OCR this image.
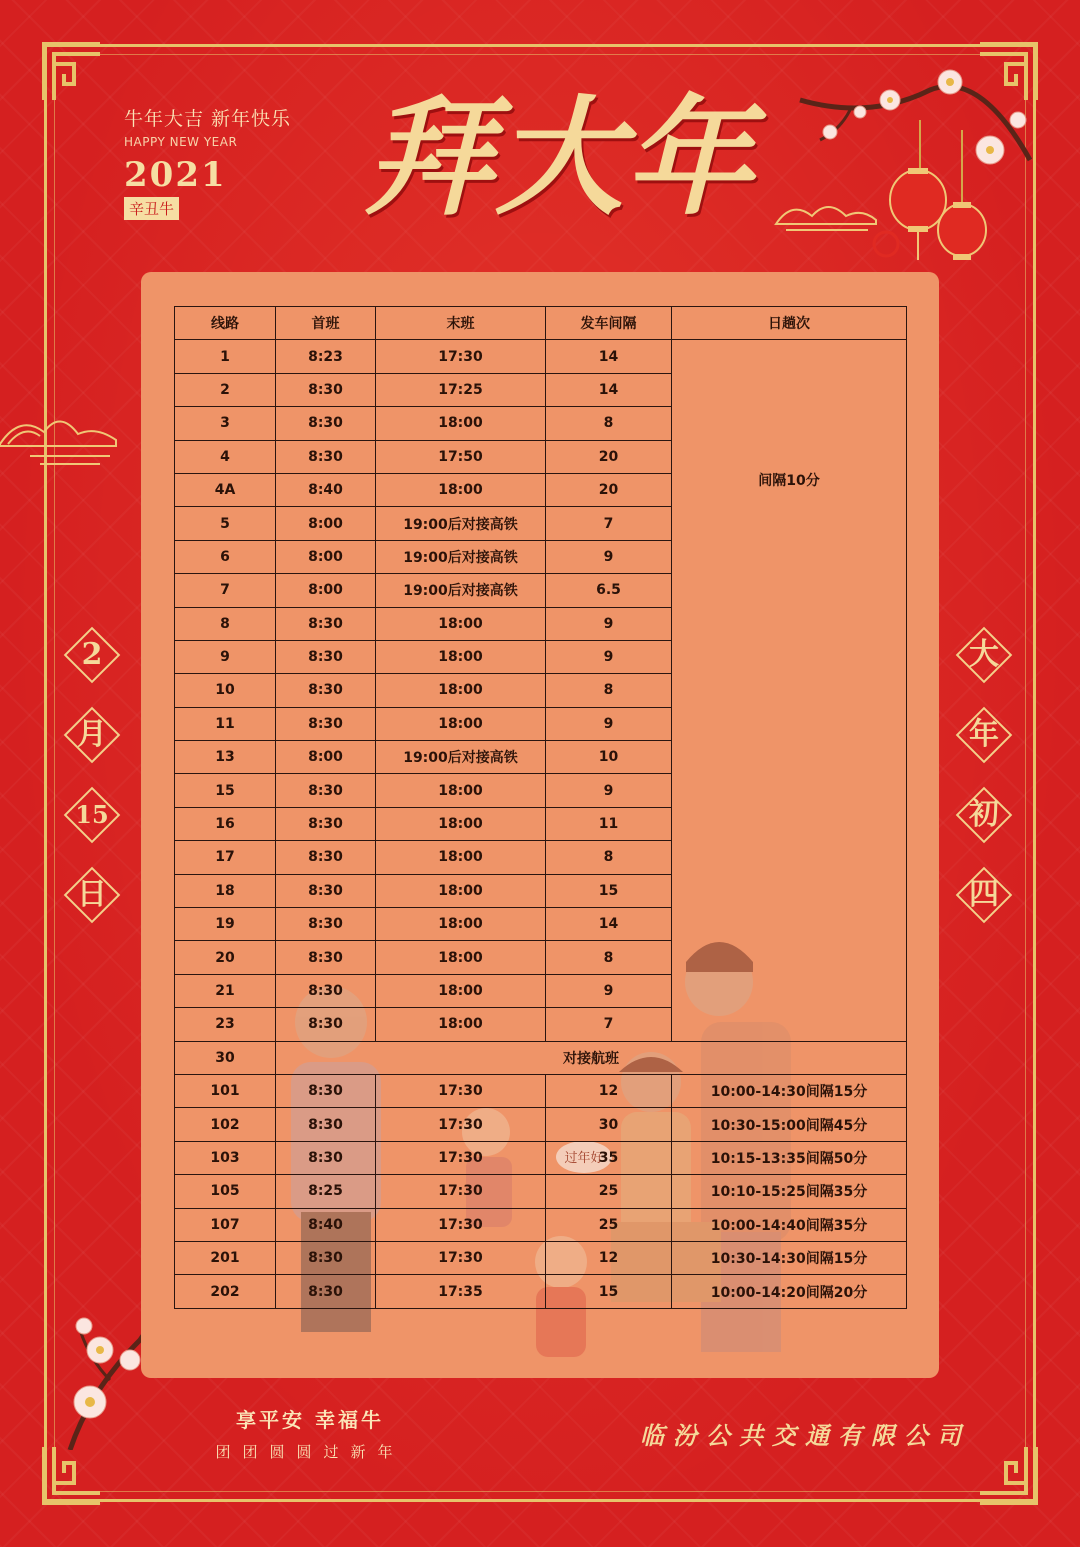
牛年大吉 新年快乐
HAPPY NEW YEAR
2021
辛丑牛	拜大年
2
月
15
日
大
年
初
四
过年好
线路	首班	末班	发车间隔	日趟次
1	8:23	17:30	14	间隔10分
2	8:30	17:25	14	
3	8:30	18:00	8	
4	8:30	17:50	20	
4A	8:40	18:00	20	
5	8:00	19:00后对接高铁	7	
6	8:00	19:00后对接高铁	9	
7	8:00	19:00后对接高铁	6.5	
8	8:30	18:00	9	
9	8:30	18:00	9	
10	8:30	18:00	8	
11	8:30	18:00	9	
13	8:00	19:00后对接高铁	10	
15	8:30	18:00	9	
16	8:30	18:00	11	
17	8:30	18:00	8	
18	8:30	18:00	15	
19	8:30	18:00	14	
20	8:30	18:00	8	
21	8:30	18:00	9	
23	8:30	18:00	7	
30	对接航班			
101	8:30	17:30	12	10:00-14:30间隔15分
102	8:30	17:30	30	10:30-15:00间隔45分
103	8:30	17:30	35	10:15-13:35间隔50分
105	8:25	17:30	25	10:10-15:25间隔35分
107	8:40	17:30	25	10:00-14:40间隔35分
201	8:30	17:30	12	10:30-14:30间隔15分
202	8:30	17:35	15	10:00-14:20间隔20分
享平安 幸福牛
团团圆圆过新年
临汾公共交通有限公司
